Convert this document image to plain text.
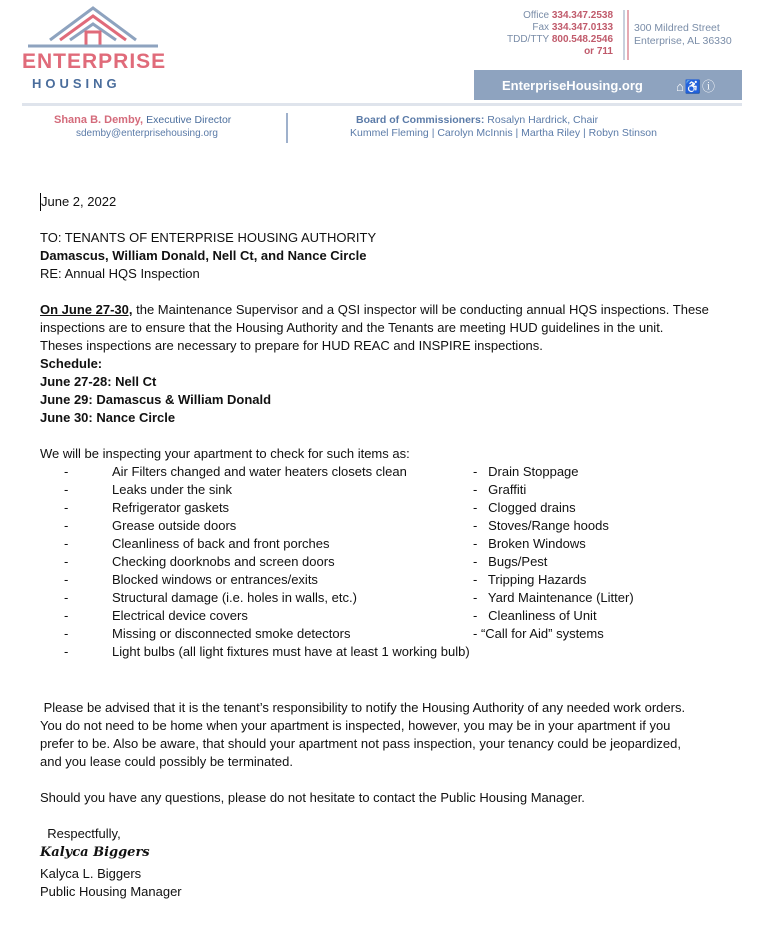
ENTERPRISE
HOUSING
Office 334.347.2538
Fax 334.347.0133
TDD/TTY 800.548.2546
or 711
300 Mildred Street
Enterprise, AL 36330
EnterpriseHousing.org	⌂♿ⓘ
Shana B. Demby, Executive Director
sdemby@enterprisehousing.org
Board of Commissioners: Rosalyn Hardrick, Chair
Kummel Fleming | Carolyn McInnis | Martha Riley | Robyn Stinson
June 2, 2022
TO: TENANTS OF ENTERPRISE HOUSING AUTHORITY
Damascus, William Donald, Nell Ct, and Nance Circle
RE: Annual HQS Inspection
On June 27-30, the Maintenance Supervisor and a QSI inspector will be conducting annual HQS inspections. These
inspections are to ensure that the Housing Authority and the Tenants are meeting HUD guidelines in the unit.
Theses inspections are necessary to prepare for HUD REAC and INSPIRE inspections.
Schedule:
June 27-28: Nell Ct
June 29: Damascus & William Donald
June 30: Nance Circle
We will be inspecting your apartment to check for such items as:
-	Air Filters changed and water heaters closets clean
-	Leaks under the sink
-	Refrigerator gaskets
-	Grease outside doors
-	Cleanliness of back and front porches
-	Checking doorknobs and screen doors
-	Blocked windows or entrances/exits
-	Structural damage (i.e. holes in walls, etc.)
-	Electrical device covers
-	Missing or disconnected smoke detectors
-	Light bulbs (all light fixtures must have at least 1 working bulb)
-   Drain Stoppage
-   Graffiti
-   Clogged drains
-   Stoves/Range hoods
-   Broken Windows
-   Bugs/Pest
-   Tripping Hazards
-   Yard Maintenance (Litter)
-   Cleanliness of Unit
- “Call for Aid” systems
Please be advised that it is the tenant’s responsibility to notify the Housing Authority of any needed work orders.
You do not need to be home when your apartment is inspected, however, you may be in your apartment if you
prefer to be. Also be aware, that should your apartment not pass inspection, your tenancy could be jeopardized,
and you lease could possibly be terminated.
Should you have any questions, please do not hesitate to contact the Public Housing Manager.
Respectfully,
Kalyca Biggers
Kalyca L. Biggers
Public Housing Manager
